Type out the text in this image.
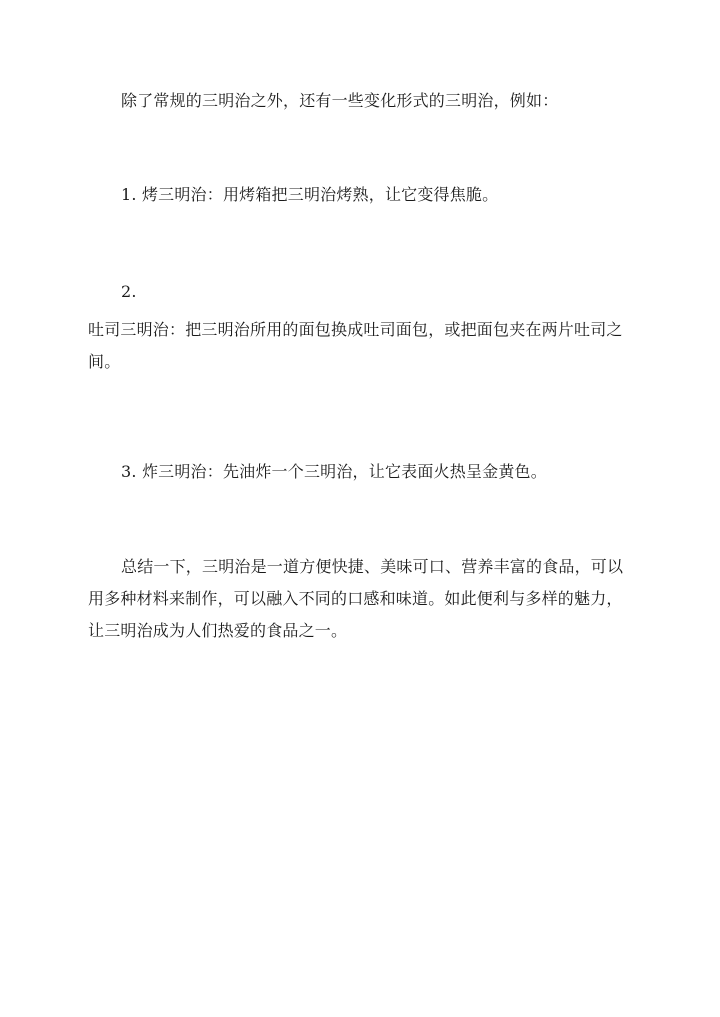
除了常规的三明治之外，还有一些变化形式的三明治，例如：

1. 烤三明治：用烤箱把三明治烤熟，让它变得焦脆。

2.

吐司三明治：把三明治所用的面包换成吐司面包，或把面包夹在两片吐司之间。

3. 炸三明治：先油炸一个三明治，让它表面火热呈金黄色。

总结一下，三明治是一道方便快捷、美味可口、营养丰富的食品，可以用多种材料来制作，可以融入不同的口感和味道。如此便利与多样的魅力，让三明治成为人们热爱的食品之一。
